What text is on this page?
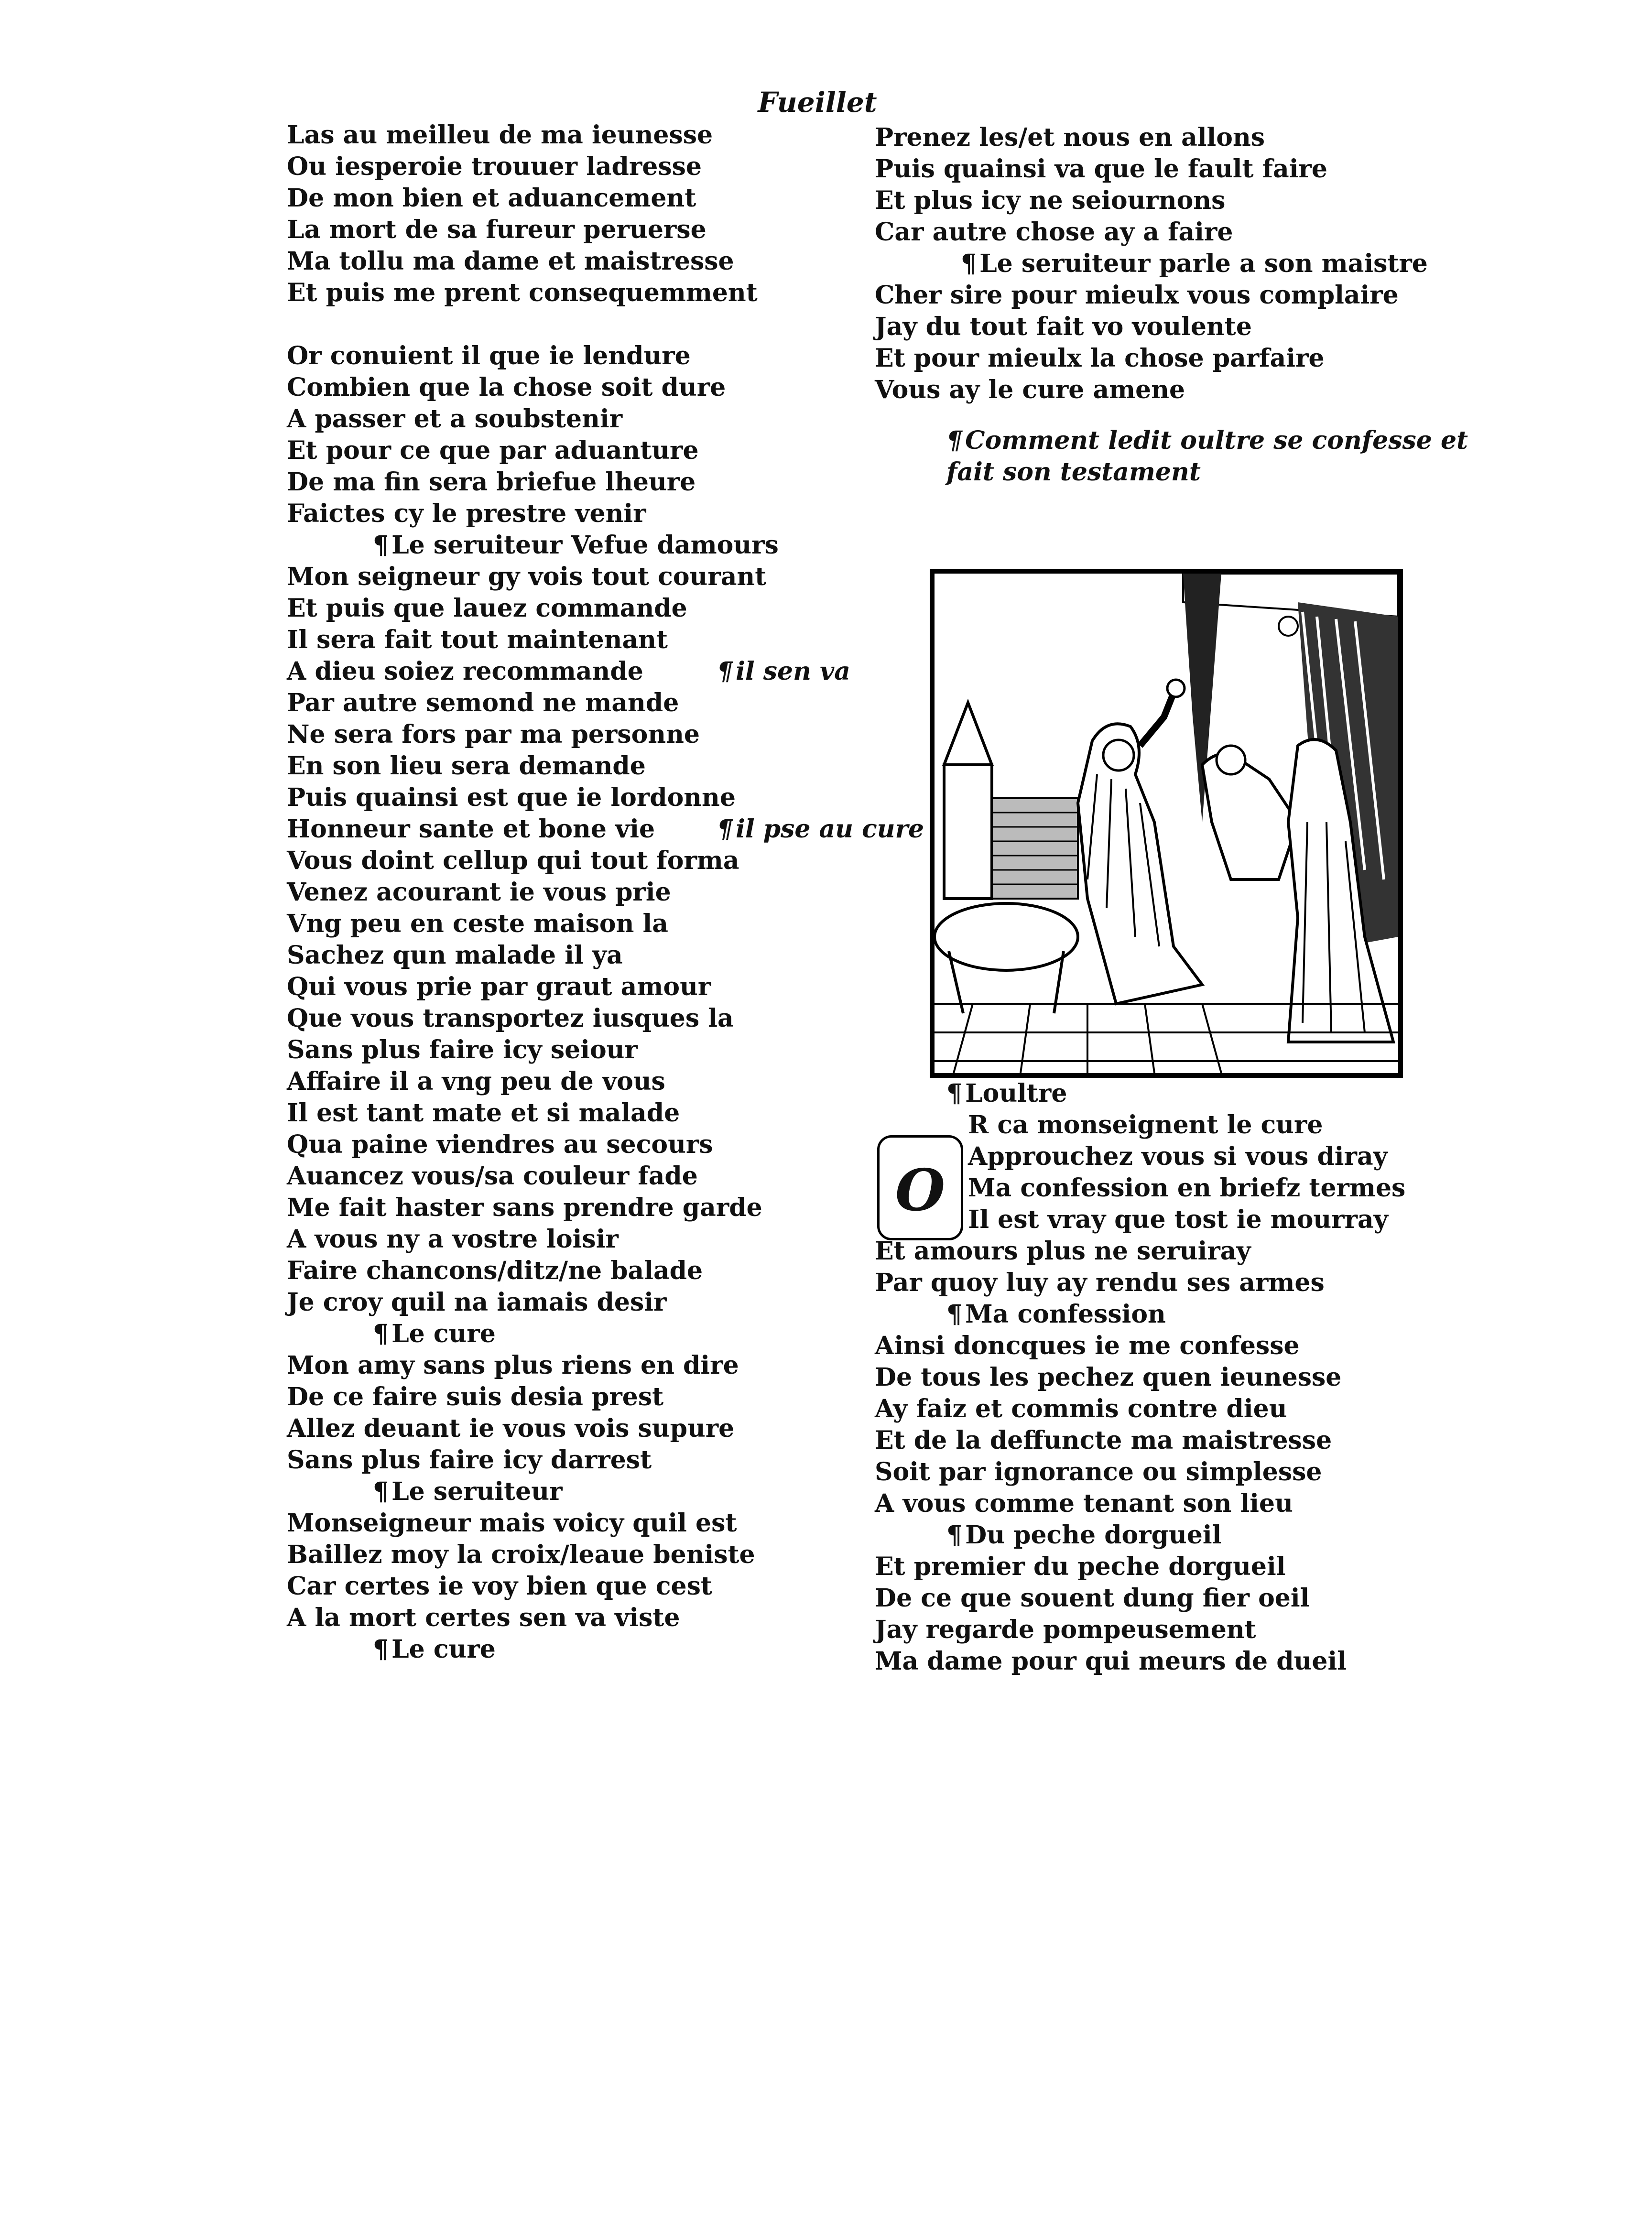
Fueillet
Las au meilleu de ma ieunesse
Ou iesperoie trouuer ladresse
De mon bien et aduancement
La mort de sa fureur peruerse
Ma tollu ma dame et maistresse
Et puis me prent consequemment
Or conuient il que ie lendure
Combien que la chose soit dure
A passer et a soubstenir
Et pour ce que par aduanture
De ma fin sera briefue lheure
Faictes cy le prestre venir
¶ Le seruiteur Vefue damours
Mon seigneur gy vois tout courant
Et puis que lauez commande
Il sera fait tout maintenant
A dieu soiez recommande	¶ il sen va
Par autre semond ne mande
Ne sera fors par ma personne
En son lieu sera demande
Puis quainsi est que ie lordonne
Honneur sante et bone vie ¶ il pse au cure
Vous doint cellup qui tout forma
Venez acourant ie vous prie
Vng peu en ceste maison la
Sachez qun malade il ya
Qui vous prie par graut amour
Que vous transportez iusques la
Sans plus faire icy seiour
Affaire il a vng peu de vous
Il est tant mate et si malade
Qua paine viendres au secours
Auancez vous/sa couleur fade
Me fait haster sans prendre garde
A vous ny a vostre loisir
Faire chancons/ditz/ne balade
Je croy quil na iamais desir
¶ Le cure
Mon amy sans plus riens en dire
De ce faire suis desia prest
Allez deuant ie vous vois supure
Sans plus faire icy darrest
¶ Le seruiteur
Monseigneur mais voicy quil est
Baillez moy la croix/leaue beniste
Car certes ie voy bien que cest
A la mort certes sen va viste
¶ Le cure
Prenez les/et nous en allons
Puis quainsi va que le fault faire
Et plus icy ne seiournons
Car autre chose ay a faire
¶ Le seruiteur parle a son maistre
Cher sire pour mieulx vous complaire
Jay du tout fait vo voulente
Et pour mieulx la chose parfaire
Vous ay le cure amene
¶ Comment ledit oultre se confesse et
fait son testament
O
¶ Loultre
R ca monseignent le cure
Approuchez vous si vous diray
Ma confession en briefz termes
Il est vray que tost ie mourray
Et amours plus ne seruiray
Par quoy luy ay rendu ses armes
¶ Ma confession
Ainsi doncques ie me confesse
De tous les pechez quen ieunesse
Ay faiz et commis contre dieu
Et de la deffuncte ma maistresse
Soit par ignorance ou simplesse
A vous comme tenant son lieu
¶ Du peche dorgueil
Et premier du peche dorgueil
De ce que souent dung fier oeil
Jay regarde pompeusement
Ma dame pour qui meurs de dueil
